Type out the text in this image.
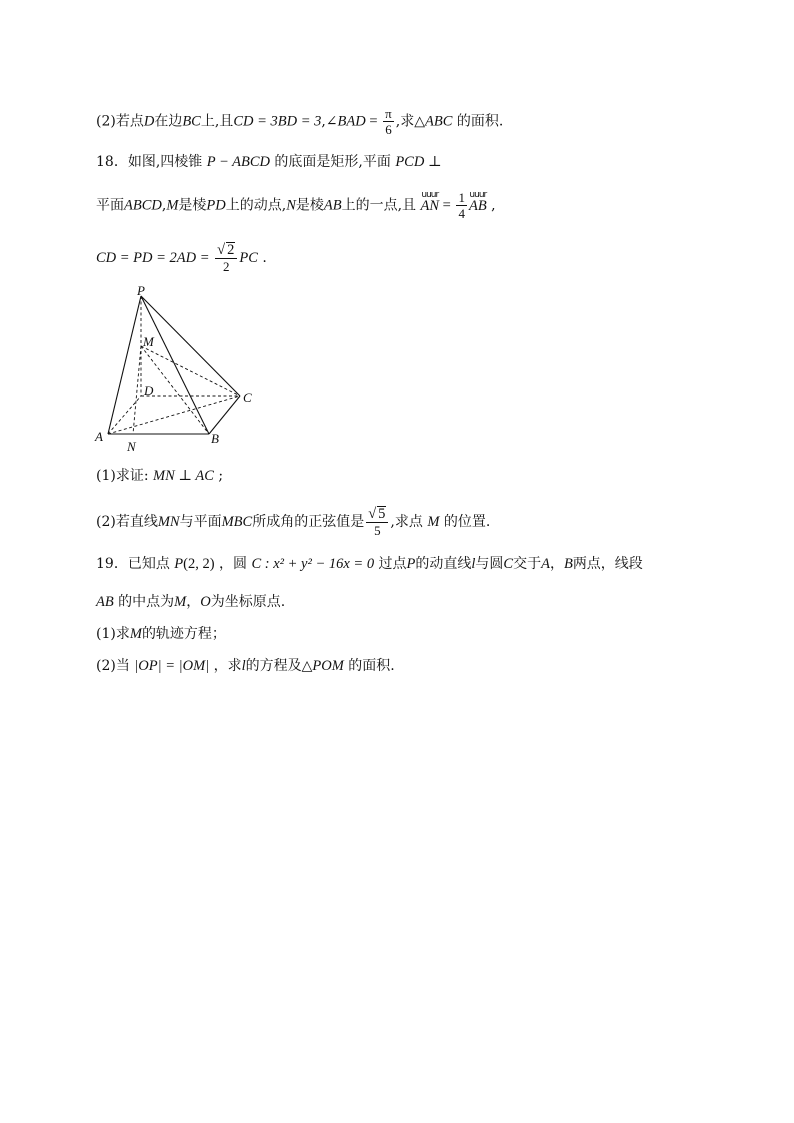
(2)若点D在边BC上,且CD = 3BD = 3,∠BAD = $\frac{\pi}{6}$ ,求△ABC 的面积.
18．如图,四棱锥 P − ABCD 的底面是矩形,平面 PCD ⊥
平面ABCD,M是棱PD上的动点,N是棱AB上的一点,且
uuur
AN = $\frac{1}{4}$ uuur
AB ,
CD = PD = $2AD = \frac{√ 2}{2}$ PC .
P
M
D	C
A
N
B
(1)求证: MN ⊥ AC ;
(2)若直线MN与平面MBC所成角的正弦值是 $\frac{√ 5}{5}$ ,求点 M 的位置.
19．已知点 P(2, 2) ，圆 C : x² + y² − 16x = 0 过点P的动直线l与圆C交于A，B两点，线段
AB 的中点为M，O为坐标原点.
(1)求M的轨迹方程；
(2)当 |OP| = |OM| ，求l的方程及△POM 的面积.
